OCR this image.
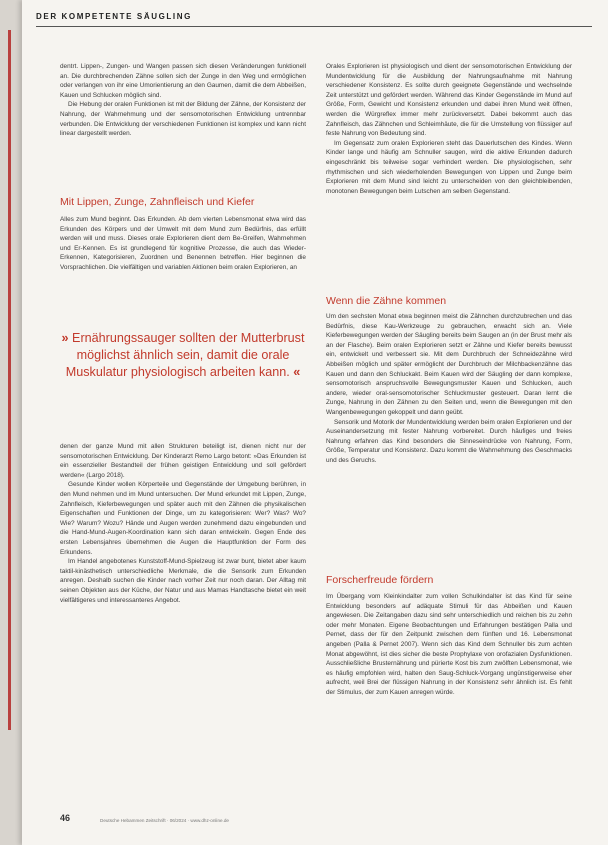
DER KOMPETENTE SÄUGLING

dentrt. Lippen-, Zungen- und Wangen passen sich diesen Veränderungen funktionell an. Die durchbrechenden Zähne sollen sich der Zunge in den Weg und ermöglichen oder verlangen von ihr eine Umorientierung an den Gaumen, damit die dem Abbeißen, Kauen und Schlucken möglich sind.

Die Hebung der oralen Funktionen ist mit der Bildung der Zähne, der Konsistenz der Nahrung, der Wahrnehmung und der sensomotorischen Entwicklung untrennbar verbunden. Die Entwicklung der verschiedenen Funktionen ist komplex und kann nicht linear dargestellt werden.

Mit Lippen, Zunge, Zahnfleisch und Kiefer

Alles zum Mund beginnt. Das Erkunden. Ab dem vierten Lebensmonat etwa wird das Erkunden des Körpers und der Umwelt mit dem Mund zum Bedürfnis, das erfüllt werden will und muss. Dieses orale Explorieren dient dem Be-Greifen, Wahrnehmen und Er-Kennen. Es ist grundlegend für kognitive Prozesse, die auch das Wieder-Erkennen, Kategorisieren, Zuordnen und Benennen betreffen. Hier beginnen die Vorsprachlichen. Die vielfältigen und variablen Aktionen beim oralen Explorieren, an

» Ernährungssauger sollten der Mutterbrust möglichst ähnlich sein, damit die orale Muskulatur physiologisch arbeiten kann. «

denen der ganze Mund mit allen Strukturen beteiligt ist, dienen nicht nur der sensomotorischen Entwicklung. Der Kinderarzt Remo Largo betont: »Das Erkunden ist ein essenzieller Bestandteil der frühen geistigen Entwicklung und soll gefördert werden« (Largo 2018).

Gesunde Kinder wollen Körperteile und Gegenstände der Umgebung berühren, in den Mund nehmen und im Mund untersuchen. Der Mund erkundet mit Lippen, Zunge, Zahnfleisch, Kieferbewegungen und später auch mit den Zähnen die physikalischen Eigenschaften und Funktionen der Dinge, um zu kategorisieren: Wer? Was? Wo? Wie? Warum? Wozu? Hände und Augen werden zunehmend dazu eingebunden und die Hand-Mund-Augen-Koordination kann sich daran entwickeln. Gegen Ende des ersten Lebensjahres übernehmen die Augen die Hauptfunktion der Form des Erkundens.

Im Handel angebotenes Kunststoff-Mund-Spielzeug ist zwar bunt, bietet aber kaum taktil-kinästhetisch unterschiedliche Merkmale, die die Sensorik zum Erkunden anregen. Deshalb suchen die Kinder nach vorher Zeit nur noch daran. Der Alltag mit seinen Objekten aus der Küche, der Natur und aus Mamas Handtasche bietet ein weit vielfältigeres und interessanteres Angebot.

Orales Explorieren ist physiologisch und dient der sensomotorischen Entwicklung der Mundentwicklung für die Ausbildung der Nahrungsaufnahme mit Nahrung verschiedener Konsistenz. Es sollte durch geeignete Gegenstände und wechselnde Zeit unterstützt und gefördert werden. Während das Kinder Gegenstände im Mund auf Größe, Form, Gewicht und Konsistenz erkunden und dabei ihren Mund weit öffnen, werden die Würgreflex immer mehr zurückversetzt. Dabei bekommt auch das Zahnfleisch, das Zähnchen und Schleimhäute, die für die Umstellung von flüssiger auf feste Nahrung von Bedeutung sind.

Im Gegensatz zum oralen Explorieren steht das Dauerlutschen des Kindes. Wenn Kinder lange und häufig am Schnuller saugen, wird die aktive Erkunden dadurch eingeschränkt bis teilweise sogar verhindert werden. Die physiologischen, sehr rhythmischen und sich wiederholenden Bewegungen von Lippen und Zunge beim Explorieren mit dem Mund sind leicht zu unterscheiden von den gleichbleibenden, monotonen Bewegungen beim Lutschen am selben Gegenstand.

Wenn die Zähne kommen

Um den sechsten Monat etwa beginnen meist die Zähnchen durchzubrechen und das Bedürfnis, diese Kau-Werkzeuge zu gebrauchen, erwacht sich an. Viele Kieferbewegungen werden der Säugling bereits beim Saugen an (in der Brust mehr als an der Flasche). Beim oralen Explorieren setzt er Zähne und Kiefer bereits bewusst ein, entwickelt und verbessert sie. Mit dem Durchbruch der Schneidezähne wird Abbeißen möglich und später ermöglicht der Durchbruch der Milchbackenzähne das Kauen und dann den Schluckakt. Beim Kauen wird der Säugling der dann komplexe, sensomotorisch anspruchsvolle Bewegungsmuster Kauen und Schlucken, auch andere, wieder oral-sensomotorischer Schluckmuster gesteuert. Daran lernt die Zunge, Nahrung in den Zähnen zu den Seiten und, wenn die Bewegungen mit den Wangenbewegungen gekoppelt und dann geübt.

Sensorik und Motorik der Mundentwicklung werden beim oralen Explorieren und der Auseinandersetzung mit fester Nahrung vorbereitet. Durch häufiges und freies Nahrung erfahren das Kind besonders die Sinneseindrücke von Nahrung, Form, Größe, Temperatur und Konsistenz. Dazu kommt die Wahrnehmung des Geschmacks und des Geruchs.

Forscherfreude fördern

Im Übergang vom Kleinkindalter zum vollen Schulkindalter ist das Kind für seine Entwicklung besonders auf adäquate Stimuli für das Abbeißen und Kauen angewiesen. Die Zeitangaben dazu sind sehr unterschiedlich und reichen bis zu zehn oder mehr Monaten. Eigene Beobachtungen und Erfahrungen bestätigen Palla und Pernet, dass der für den Zeitpunkt zwischen dem fünften und 16. Lebensmonat angeben (Palla & Pernet 2007). Wenn sich das Kind dem Schnuller bis zum achten Monat abgewöhnt, ist dies sicher die beste Prophylaxe von orofazialen Dysfunktionen. Ausschließliche Brusternährung und pürierte Kost bis zum zwölften Lebensmonat, wie es häufig empfohlen wird, halten den Saug-Schluck-Vorgang ungünstigerweise eher aufrecht, weil Brei der flüssigen Nahrung in der Konsistenz sehr ähnlich ist. Es fehlt der Stimulus, der zum Kauen anregen würde.

46	Deutsche Hebammen Zeitschrift · 06/2024 · www.dhz-online.de
